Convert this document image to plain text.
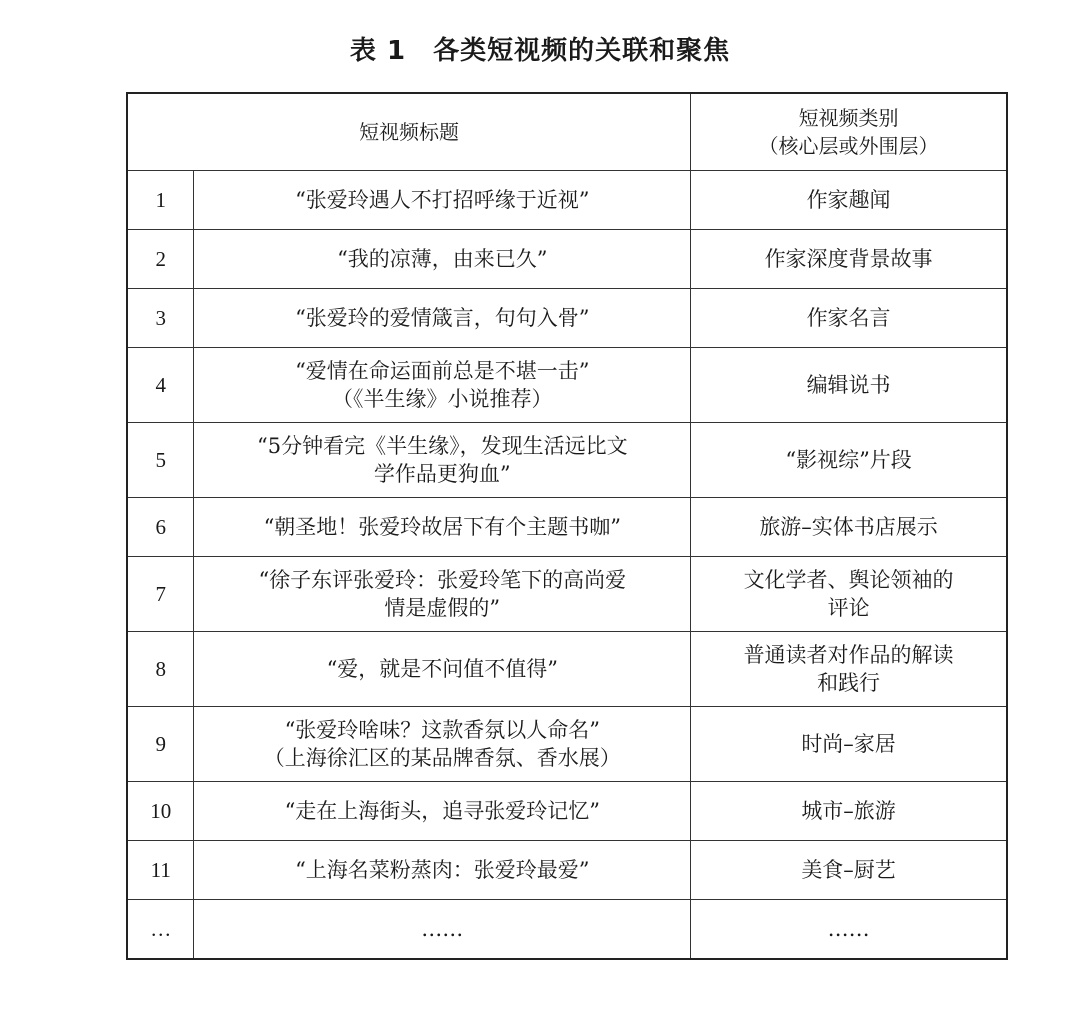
表 1　各类短视频的关联和聚焦
短视频标题		短视频类别
（核心层或外围层）

1	“张爱玲遇人不打招呼缘于近视”	作家趣闻

2	“我的凉薄，由来已久”	作家深度背景故事

3	“张爱玲的爱情箴言，句句入骨”	作家名言

4	“爱情在命运面前总是不堪一击”
（《半生缘》小说推荐）	编辑说书

5	“5分钟看完《半生缘》，发现生活远比文
学作品更狗血”	“影视综”片段

6	“朝圣地！张爱玲故居下有个主题书咖”	旅游–实体书店展示

7	“徐子东评张爱玲：张爱玲笔下的高尚爱
情是虚假的”	文化学者、舆论领袖的
评论

8	“爱，就是不问值不值得”	普通读者对作品的解读
和践行

9	“张爱玲啥味？这款香氛以人命名”
（上海徐汇区的某品牌香氛、香水展）	时尚–家居

10	“走在上海街头，追寻张爱玲记忆”	城市–旅游

11	“上海名菜粉蒸肉：张爱玲最爱”	美食–厨艺

…	……	……
